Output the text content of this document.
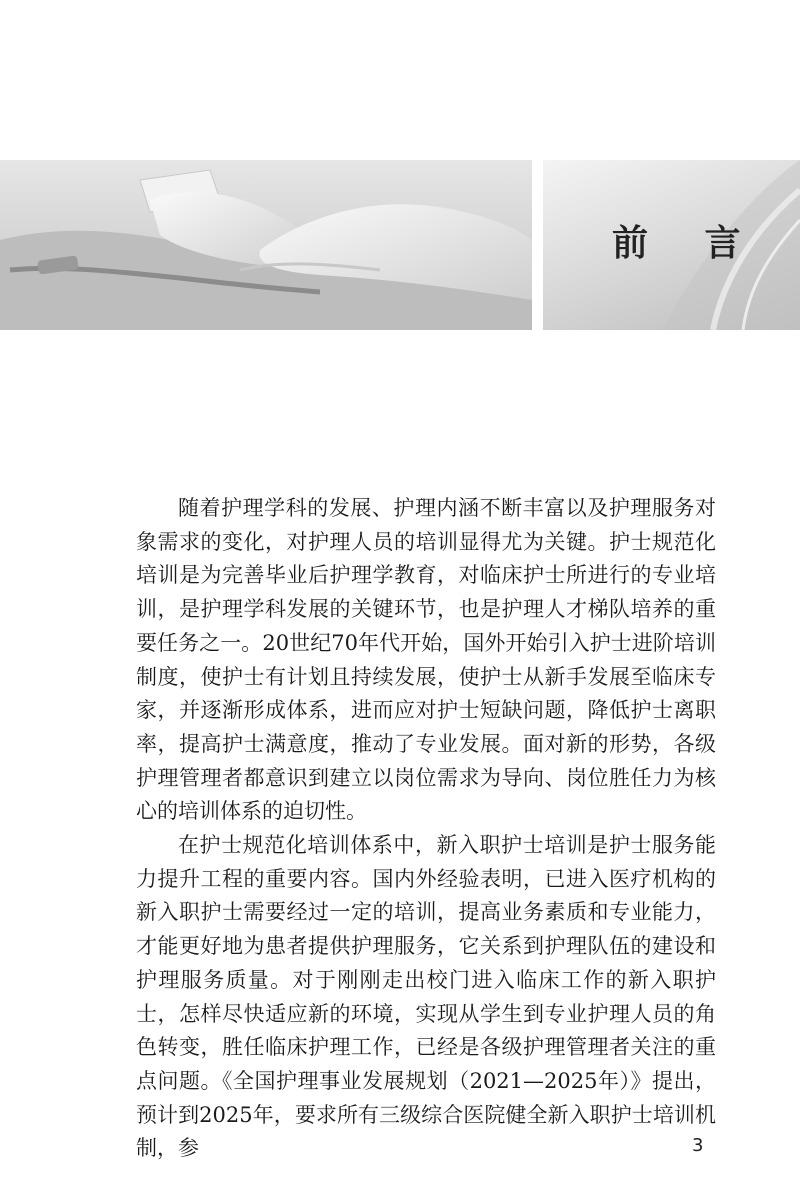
前 言

随着护理学科的发展、护理内涵不断丰富以及护理服务对象需求的变化，对护理人员的培训显得尤为关键。护士规范化培训是为完善毕业后护理学教育，对临床护士所进行的专业培训，是护理学科发展的关键环节，也是护理人才梯队培养的重要任务之一。20世纪70年代开始，国外开始引入护士进阶培训制度，使护士有计划且持续发展，使护士从新手发展至临床专家，并逐渐形成体系，进而应对护士短缺问题，降低护士离职率，提高护士满意度，推动了专业发展。面对新的形势，各级护理管理者都意识到建立以岗位需求为导向、岗位胜任力为核心的培训体系的迫切性。

在护士规范化培训体系中，新入职护士培训是护士服务能力提升工程的重要内容。国内外经验表明，已进入医疗机构的新入职护士需要经过一定的培训，提高业务素质和专业能力，才能更好地为患者提供护理服务，它关系到护理队伍的建设和护理服务质量。对于刚刚走出校门进入临床工作的新入职护士，怎样尽快适应新的环境，实现从学生到专业护理人员的角色转变，胜任临床护理工作，已经是各级护理管理者关注的重点问题。《全国护理事业发展规划（2021—2025年）》提出，预计到2025年，要求所有三级综合医院健全新入职护士培训机制，参	3
